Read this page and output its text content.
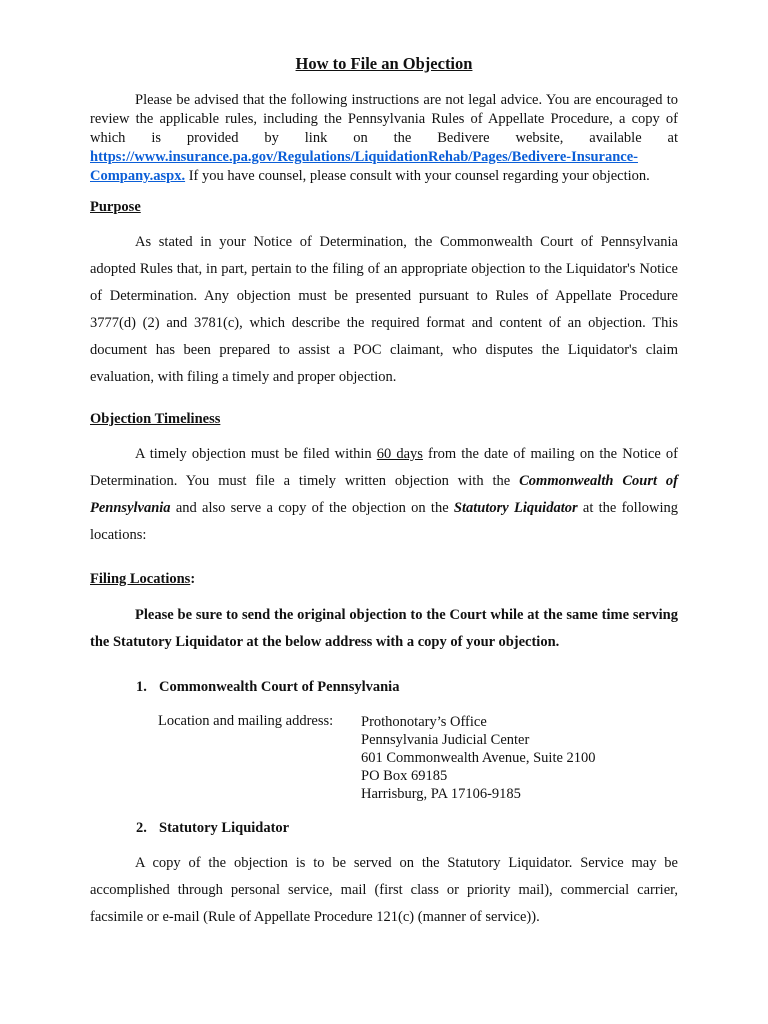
How to File an Objection
Please be advised that the following instructions are not legal advice. You are encouraged to review the applicable rules, including the Pennsylvania Rules of Appellate Procedure, a copy of which is provided by link on the Bedivere website, available at https://www.insurance.pa.gov/Regulations/LiquidationRehab/Pages/Bedivere-Insurance-Company.aspx. If you have counsel, please consult with your counsel regarding your objection.
Purpose
As stated in your Notice of Determination, the Commonwealth Court of Pennsylvania adopted Rules that, in part, pertain to the filing of an appropriate objection to the Liquidator's Notice of Determination. Any objection must be presented pursuant to Rules of Appellate Procedure 3777(d) (2) and 3781(c), which describe the required format and content of an objection. This document has been prepared to assist a POC claimant, who disputes the Liquidator's claim evaluation, with filing a timely and proper objection.
Objection Timeliness
A timely objection must be filed within 60 days from the date of mailing on the Notice of Determination. You must file a timely written objection with the Commonwealth Court of Pennsylvania and also serve a copy of the objection on the Statutory Liquidator at the following locations:
Filing Locations:
Please be sure to send the original objection to the Court while at the same time serving the Statutory Liquidator at the below address with a copy of your objection.
1. Commonwealth Court of Pennsylvania
Location and mailing address: Prothonotary’s Office
Pennsylvania Judicial Center
601 Commonwealth Avenue, Suite 2100
PO Box 69185
Harrisburg, PA 17106-9185
2. Statutory Liquidator
A copy of the objection is to be served on the Statutory Liquidator. Service may be accomplished through personal service, mail (first class or priority mail), commercial carrier, facsimile or e-mail (Rule of Appellate Procedure 121(c) (manner of service)).
